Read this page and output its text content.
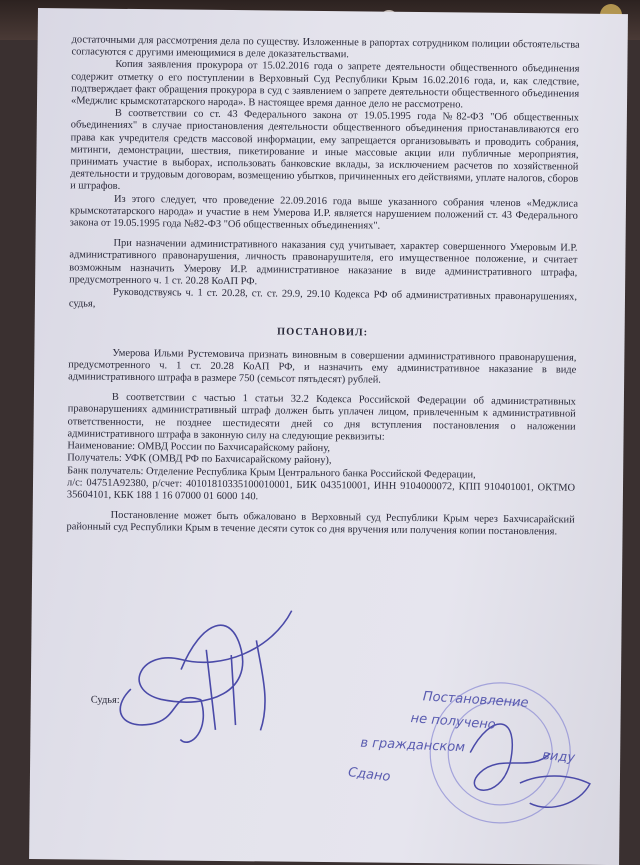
достаточными для рассмотрения дела по существу. Изложенные в рапортах сотрудником полиции обстоятельства согласуются с другими имеющимися в деле доказательствами.

Копия заявления прокурора от 15.02.2016 года о запрете деятельности общественного объединения содержит отметку о его поступлении в Верховный Суд Республики Крым 16.02.2016 года, и, как следствие, подтверждает факт обращения прокурора в суд с заявлением о запрете деятельности общественного объединения «Меджлис крымскотатарского народа». В настоящее время данное дело не рассмотрено.

В соответствии со ст. 43 Федерального закона от 19.05.1995 года №82-ФЗ "Об общественных объединениях" в случае приостановления деятельности общественного объединения приостанавливаются его права как учредителя средств массовой информации, ему запрещается организовывать и проводить собрания, митинги, демонстрации, шествия, пикетирование и иные массовые акции или публичные мероприятия, принимать участие в выборах, использовать банковские вклады, за исключением расчетов по хозяйственной деятельности и трудовым договорам, возмещению убытков, причиненных его действиями, уплате налогов, сборов и штрафов.

Из этого следует, что проведение 22.09.2016 года выше указанного собрания членов «Меджлиса крымскотатарского народа» и участие в нем Умерова И.Р. является нарушением положений ст. 43 Федерального закона от 19.05.1995 года №82-ФЗ "Об общественных объединениях".

При назначении административного наказания суд учитывает, характер совершенного Умеровым И.Р. административного правонарушения, личность правонарушителя, его имущественное положение, и считает возможным назначить Умерову И.Р. административное наказание в виде административного штрафа, предусмотренного ч. 1 ст. 20.28 КоАП РФ.

Руководствуясь ч. 1 ст. 20.28, ст. ст. 29.9, 29.10 Кодекса РФ об административных правонарушениях, судья,

ПОСТАНОВИЛ:

Умерова Ильми Рустемовича признать виновным в совершении административного правонарушения, предусмотренного ч. 1 ст. 20.28 КоАП РФ, и назначить ему административное наказание в виде административного штрафа в размере 750 (семьсот пятьдесят) рублей.

В соответствии с частью 1 статьи 32.2 Кодекса Российской Федерации об административных правонарушениях административный штраф должен быть уплачен лицом, привлеченным к административной ответственности, не позднее шестидесяти дней со дня вступления постановления о наложении административного штрафа в законную силу на следующие реквизиты:

Наименование: ОМВД России по Бахчисарайскому району,

Получатель: УФК (ОМВД РФ по Бахчисарайскому району),

Банк получатель: Отделение Республика Крым Центрального банка Российской Федерации,

л/с: 04751А92380, р/счет: 40101810335100010001, БИК 043510001, ИНН 9104000072, КПП 910401001, ОКТМО 35604101, КБК 188 1 16 07000 01 6000 140.

Постановление может быть обжаловано в Верховный суд Республики Крым через Бахчисарайский районный суд Республики Крым в течение десяти суток со дня вручения или получения копии постановления.

Судья:	Постановление
не получено
в гражданском
виду
Сдано
